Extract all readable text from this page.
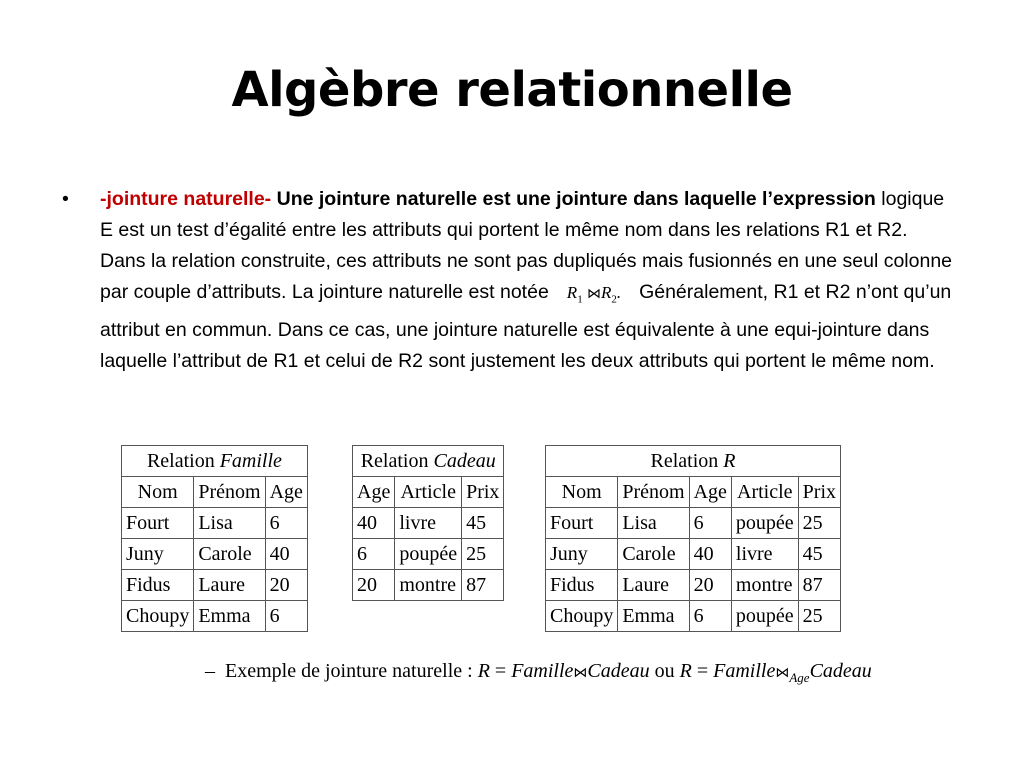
Algèbre relationnelle
• -jointure naturelle- Une jointure naturelle est une jointure dans laquelle l’expression logique E est un test d’égalité entre les attributs qui portent le même nom dans les relations R1 et R2. Dans la relation construite, ces attributs ne sont pas dupliqués mais fusionnés en une seul colonne par couple d’attributs. La jointure naturelle est notée $R_1$ $⋈R_2$. Généralement, R1 et R2 n’ont qu’un attribut en commun. Dans ce cas, une jointure naturelle est équivalente à une equi-jointure dans laquelle l’attribut de R1 et celui de R2 sont justement les deux attributs qui portent le même nom.
Relation Famille		
Nom	Prénom	Age
Fourt	Lisa	6
Juny	Carole	40
Fidus	Laure	20
Choupy	Emma	6
Relation Cadeau		
Age	Article	Prix
40	livre	45
6	poupée	25
20	montre	87
Relation R				
Nom	Prénom	Age	Article	Prix
Fourt	Lisa	6	poupée	25
Juny	Carole	40	livre	45
Fidus	Laure	20	montre	87
Choupy	Emma	6	poupée	25
– Exemple de jointure naturelle : R = Famille⋈Cadeau ou $R = Famille⋈_{Age}Cadeau$
